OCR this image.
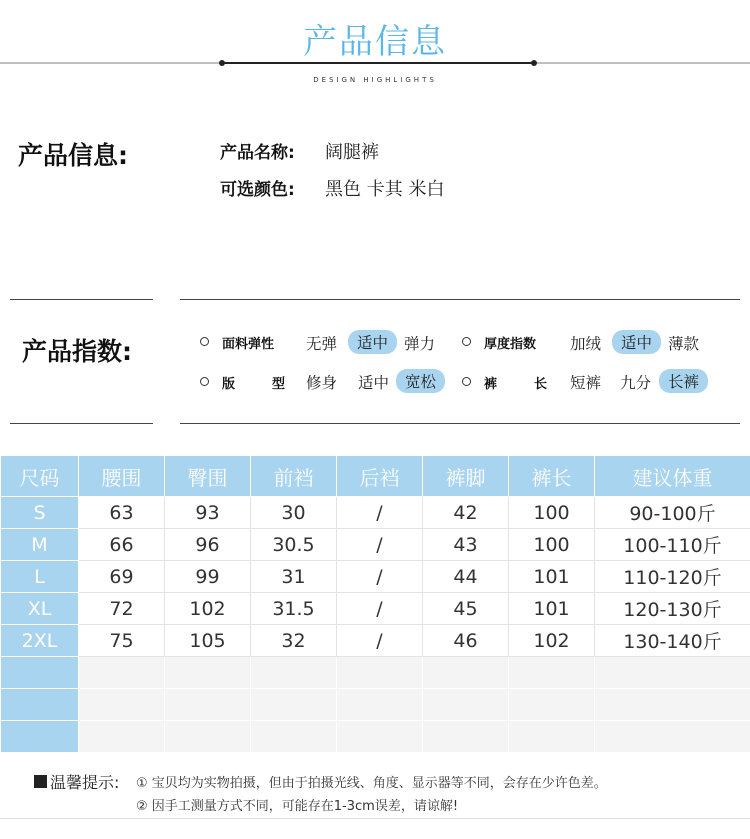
产品信息
DESIGN HIGHLIGHTS
产品信息:	产品名称: 阔腿裤
可选颜色: 黑色 卡其 米白
产品指数:	面料弹性 无弹	适中	弹力	厚度指数 加绒	适中	薄款
版　型 修身 适中	宽松	裤　长 短裤 九分	长裤
尺码	腰围	臀围	前裆	后裆	裤脚	裤长	建议体重
S	63	93	30	/	42	100	90-100斤
M	66	96	30.5	/	43	100	100-110斤
L	69	99	31	/	44	101	110-120斤
XL	72	102	31.5	/	45	101	120-130斤
2XL	75	105	32	/	46	102	130-140斤

温馨提示: ① 宝贝均为实物拍摄，但由于拍摄光线、角度、显示器等不同，会存在少许色差。
② 因手工测量方式不同，可能存在1-3cm误差，请谅解!
